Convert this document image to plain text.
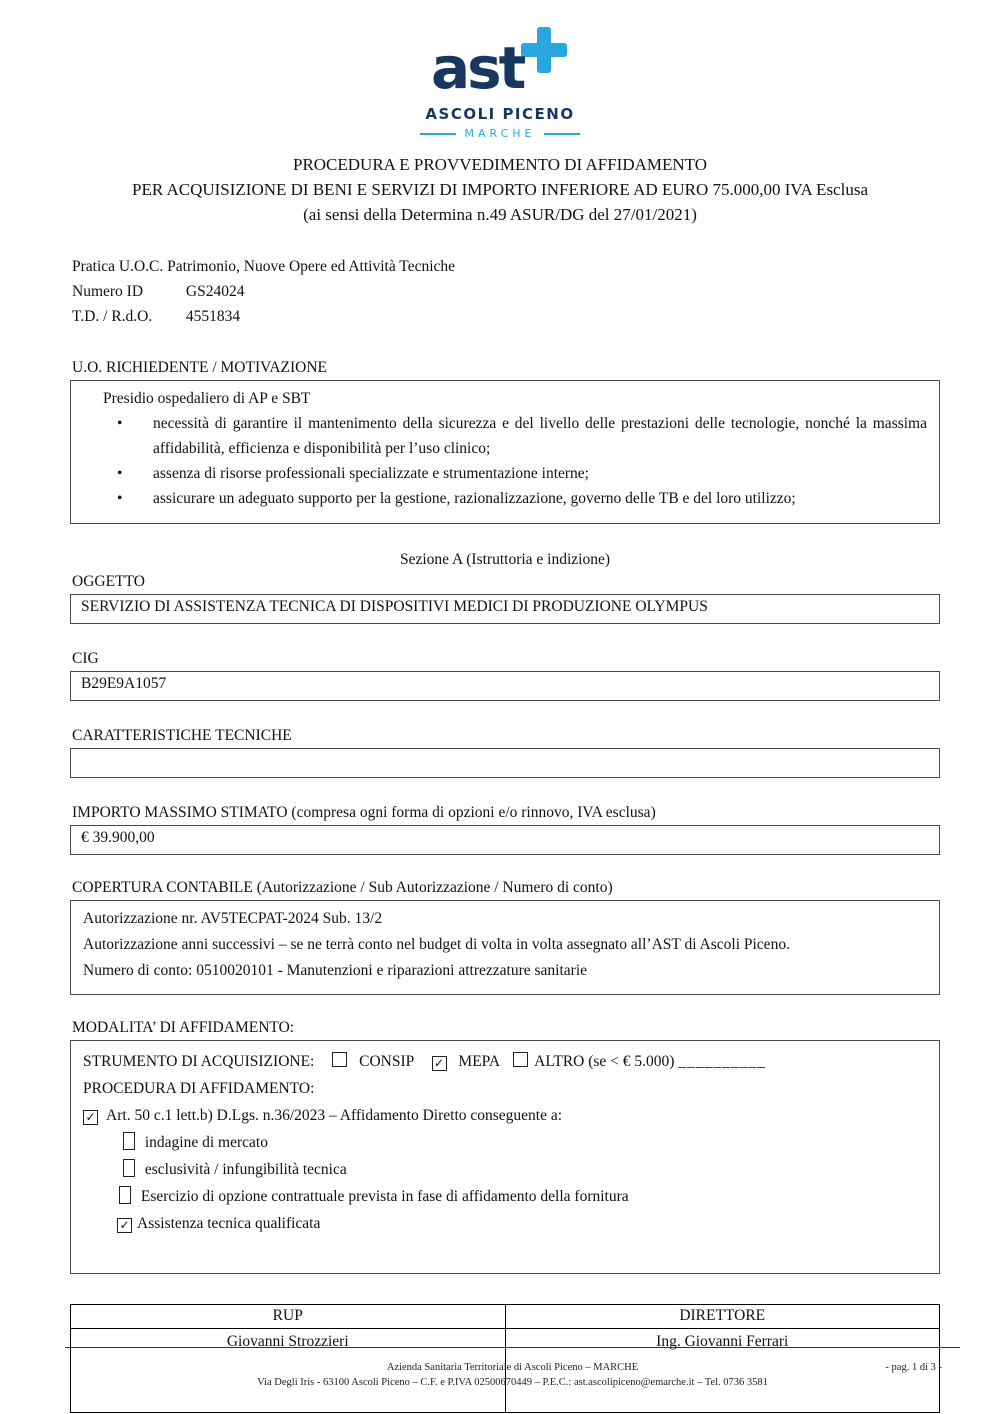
ast
ASCOLI PICENO
MARCHE
PROCEDURA E PROVVEDIMENTO DI AFFIDAMENTO
PER ACQUISIZIONE DI BENI E SERVIZI DI IMPORTO INFERIORE AD EURO 75.000,00 IVA Esclusa
(ai sensi della Determina n.49 ASUR/DG del 27/01/2021)
Pratica U.O.C. Patrimonio, Nuove Opere ed Attività Tecniche
Numero ID	GS24024
T.D. / R.d.O. 4551834
U.O. RICHIEDENTE / MOTIVAZIONE
Presidio ospedaliero di AP e SBT
• necessità di garantire il mantenimento della sicurezza e del livello delle prestazioni delle tecnologie, nonché la massima affidabilità, efficienza e disponibilità per l’uso clinico;
• assenza di risorse professionali specializzate e strumentazione interne;
• assicurare un adeguato supporto per la gestione, razionalizzazione, governo delle TB e del loro utilizzo;
Sezione A (Istruttoria e indizione)
OGGETTO
SERVIZIO DI ASSISTENZA TECNICA DI DISPOSITIVI MEDICI DI PRODUZIONE OLYMPUS
CIG
B29E9A1057
CARATTERISTICHE TECNICHE
IMPORTO MASSIMO STIMATO (compresa ogni forma di opzioni e/o rinnovo, IVA esclusa)
€ 39.900,00
COPERTURA CONTABILE (Autorizzazione / Sub Autorizzazione / Numero di conto)
Autorizzazione nr. AV5TECPAT-2024 Sub. 13/2
Autorizzazione anni successivi – se ne terrà conto nel budget di volta in volta assegnato all’AST di Ascoli Piceno.
Numero di conto: 0510020101 - Manutenzioni e riparazioni attrezzature sanitarie
MODALITA’ DI AFFIDAMENTO:
STRUMENTO DI ACQUISIZIONE:	CONSIP ✓ MEPA ALTRO (se < € 5.000) __________
PROCEDURA DI AFFIDAMENTO:
✓ Art. 50 c.1 lett.b) D.Lgs. n.36/2023 – Affidamento Diretto conseguente a:
indagine di mercato
esclusività / infungibilità tecnica
Esercizio di opzione contrattuale prevista in fase di affidamento della fornitura
✓ Assistenza tecnica qualificata
RUP	DIRETTORE
Giovanni Strozzieri	Ing. Giovanni Ferrari
Azienda Sanitaria Territoriale di Ascoli Piceno – MARCHE
Via Degli Iris - 63100 Ascoli Piceno – C.F. e P.IVA 02500670449 – P.E.C.: ast.ascolipiceno@emarche.it – Tel. 0736 3581
- pag. 1 di 3 -
